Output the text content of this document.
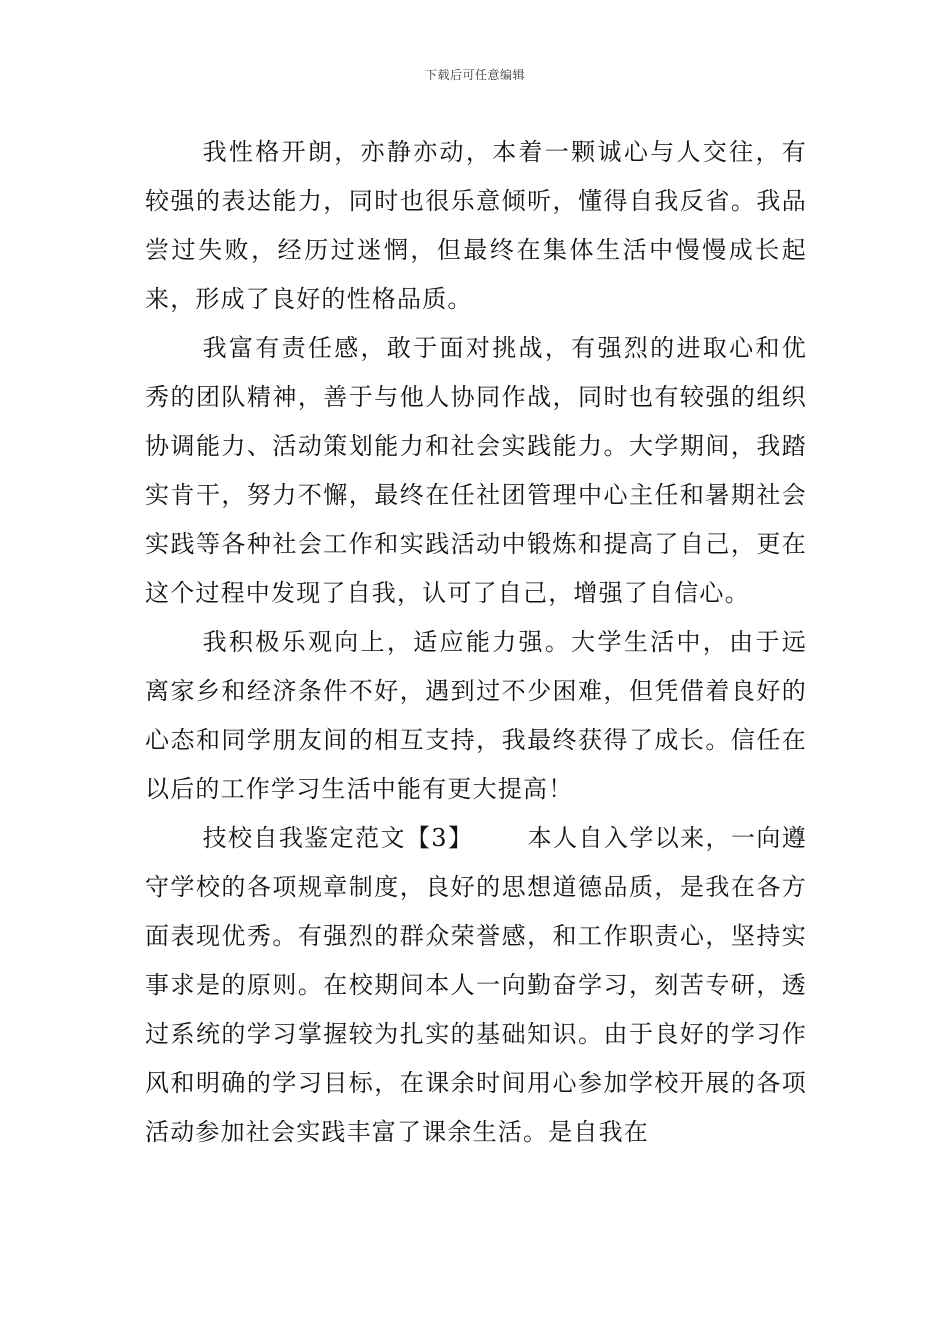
下载后可任意编辑

我性格开朗，亦静亦动，本着一颗诚心与人交往，有较强的表达能力，同时也很乐意倾听，懂得自我反省。我品尝过失败，经历过迷惘，但最终在集体生活中慢慢成长起来，形成了良好的性格品质。

我富有责任感，敢于面对挑战，有强烈的进取心和优秀的团队精神，善于与他人协同作战，同时也有较强的组织协调能力、活动策划能力和社会实践能力。大学期间，我踏实肯干，努力不懈，最终在任社团管理中心主任和暑期社会实践等各种社会工作和实践活动中锻炼和提高了自己，更在这个过程中发现了自我，认可了自己，增强了自信心。

我积极乐观向上，适应能力强。大学生活中，由于远离家乡和经济条件不好，遇到过不少困难，但凭借着良好的心态和同学朋友间的相互支持，我最终获得了成长。信任在以后的工作学习生活中能有更大提高！

技校自我鉴定范文【3】 本人自入学以来，一向遵守学校的各项规章制度，良好的思想道德品质，是我在各方面表现优秀。有强烈的群众荣誉感，和工作职责心，坚持实事求是的原则。在校期间本人一向勤奋学习，刻苦专研，透过系统的学习掌握较为扎实的基础知识。由于良好的学习作风和明确的学习目标，在课余时间用心参加学校开展的各项活动参加社会实践丰富了课余生活。是自我在
